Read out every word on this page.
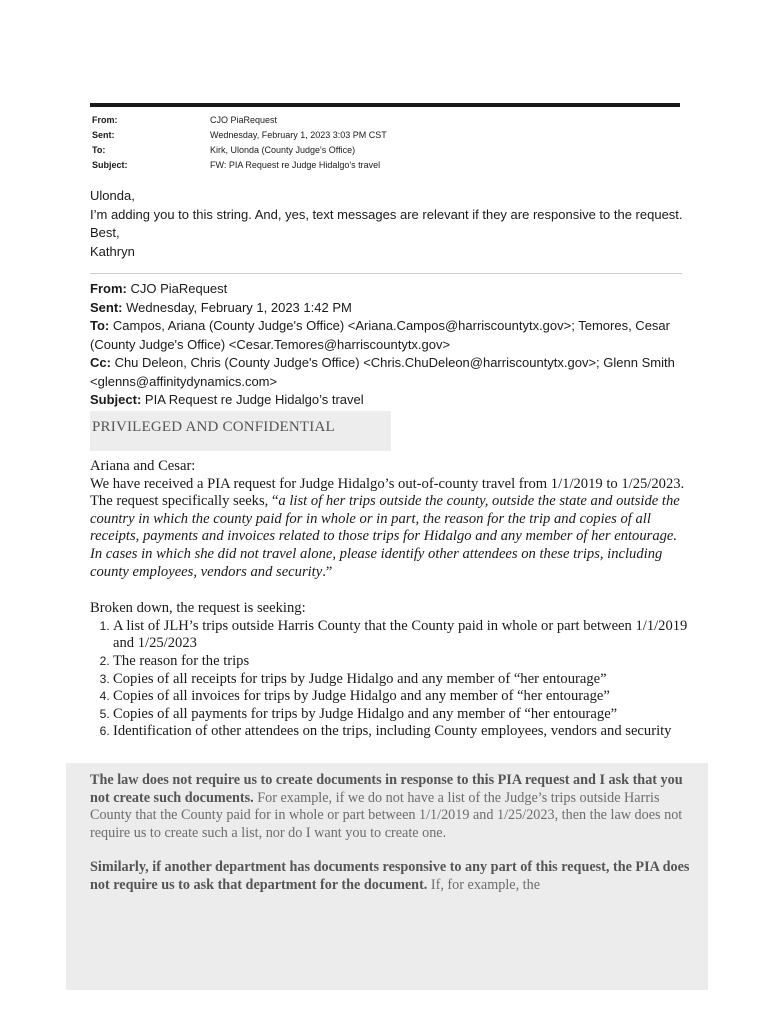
From:	CJO PiaRequest
Sent:	Wednesday, February 1, 2023 3:03 PM CST
To:	Kirk, Ulonda (County Judge's Office)
Subject:	FW: PIA Request re Judge Hidalgo's travel
Ulonda,
I’m adding you to this string. And, yes, text messages are relevant if they are responsive to the request.
Best,
Kathryn
From: CJO PiaRequest
Sent: Wednesday, February 1, 2023 1:42 PM
To: Campos, Ariana (County Judge's Office) <Ariana.Campos@harriscountytx.gov>; Temores, Cesar
(County Judge's Office) <Cesar.Temores@harriscountytx.gov>
Cc: Chu Deleon, Chris (County Judge's Office) <Chris.ChuDeleon@harriscountytx.gov>; Glenn Smith
<glenns@affinitydynamics.com>
Subject: PIA Request re Judge Hidalgo’s travel
PRIVILEGED AND CONFIDENTIAL

Ariana and Cesar:

We have received a PIA request for Judge Hidalgo’s out-of-county travel from 1/1/2019 to 1/25/2023. The request specifically seeks, “a list of her trips outside the county, outside the state and outside the country in which the county paid for in whole or in part, the reason for the trip and copies of all receipts, payments and invoices related to those trips for Hidalgo and any member of her entourage. In cases in which she did not travel alone, please identify other attendees on these trips, including county employees, vendors and security.”

Broken down, the request is seeking:

1. A list of JLH’s trips outside Harris County that the County paid in whole or part between 1/1/2019 and 1/25/2023
2. The reason for the trips
3. Copies of all receipts for trips by Judge Hidalgo and any member of “her entourage”
4. Copies of all invoices for trips by Judge Hidalgo and any member of “her entourage”
5. Copies of all payments for trips by Judge Hidalgo and any member of “her entourage”
6. Identification of other attendees on the trips, including County employees, vendors and security

The law does not require us to create documents in response to this PIA request and I ask that you not create such documents. For example, if we do not have a list of the Judge’s trips outside Harris County that the County paid for in whole or part between 1/1/2019 and 1/25/2023, then the law does not require us to create such a list, nor do I want you to create one.

Similarly, if another department has documents responsive to any part of this request, the PIA does not require us to ask that department for the document. If, for example, the
